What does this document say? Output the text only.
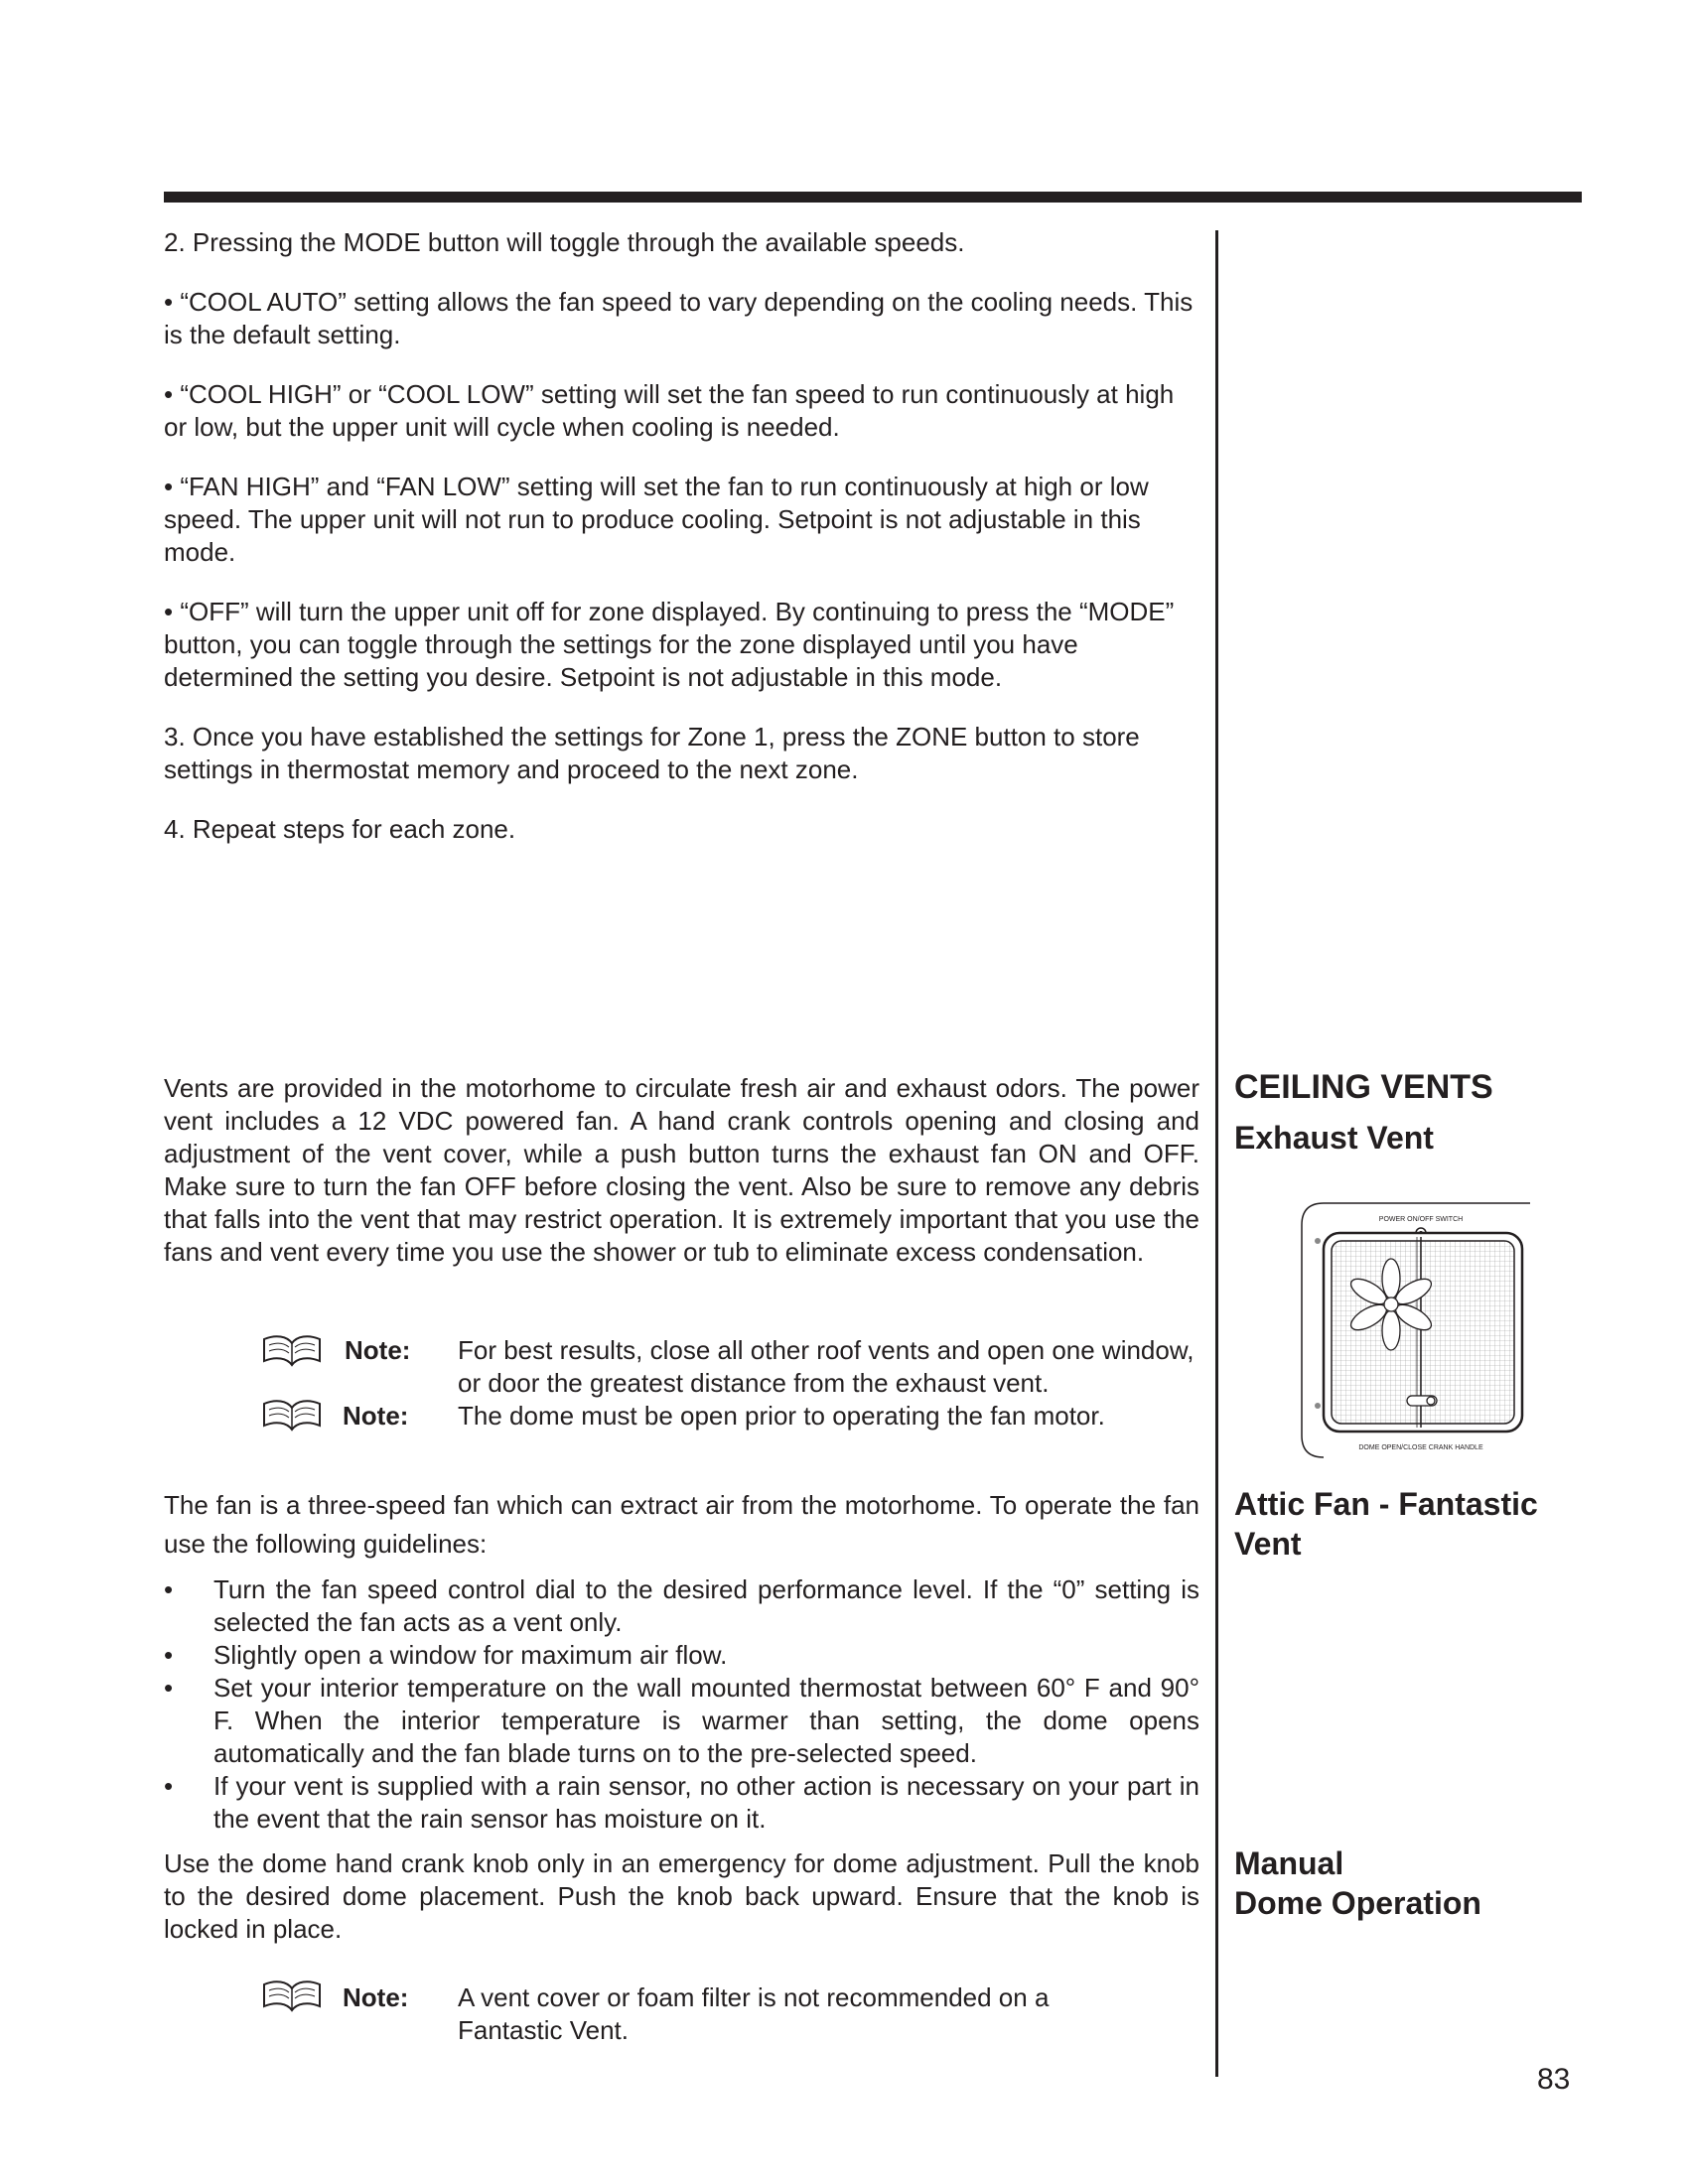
2. Pressing the MODE button will toggle through the available speeds.

• “COOL AUTO” setting allows the fan speed to vary depending on the cooling needs. This is the default setting.

• “COOL HIGH” or “COOL LOW” setting will set the fan speed to run continuously at high or low, but the upper unit will cycle when cooling is needed.

• “FAN HIGH” and “FAN LOW” setting will set the fan to run continuously at high or low speed. The upper unit will not run to produce cooling. Setpoint is not adjustable in this mode.

• “OFF” will turn the upper unit off for zone displayed. By continuing to press the “MODE” button, you can toggle through the settings for the zone displayed until you have determined the setting you desire. Setpoint is not adjustable in this mode.

3. Once you have established the settings for Zone 1, press the ZONE button to store settings in thermostat memory and proceed to the next zone.

4. Repeat steps for each zone.

CEILING VENTS
Exhaust Vent

Vents are provided in the motorhome to circulate fresh air and exhaust odors. The power vent includes a 12 VDC powered fan. A hand crank controls opening and closing and adjustment of the vent cover, while a push button turns the exhaust fan ON and OFF. Make sure to turn the fan OFF before closing the vent. Also be sure to remove any debris that falls into the vent that may restrict operation. It is extremely important that you use the fans and vent every time you use the shower or tub to eliminate excess condensation.

Note: For best results, close all other roof vents and open one window, or door the greatest distance from the exhaust vent.
Note: The dome must be open prior to operating the fan motor.
POWER ON/OFF SWITCH
DOME OPEN/CLOSE CRANK HANDLE
Attic Fan - Fantastic
Vent

The fan is a three-speed fan which can extract air from the motorhome. To operate the fan use the following guidelines:

• Turn the fan speed control dial to the desired performance level. If the “0” setting is selected the fan acts as a vent only.
• Slightly open a window for maximum air flow.
• Set your interior temperature on the wall mounted thermostat between 60° F and 90° F. When the interior temperature is warmer than setting, the dome opens automatically and the fan blade turns on to the pre-selected speed.
• If your vent is supplied with a rain sensor, no other action is necessary on your part in the event that the rain sensor has moisture on it.
Manual
Dome Operation

Use the dome hand crank knob only in an emergency for dome adjustment. Pull the knob to the desired dome placement. Push the knob back upward. Ensure that the knob is locked in place.

Note: A vent cover or foam filter is not recommended on a Fantastic Vent.
83
